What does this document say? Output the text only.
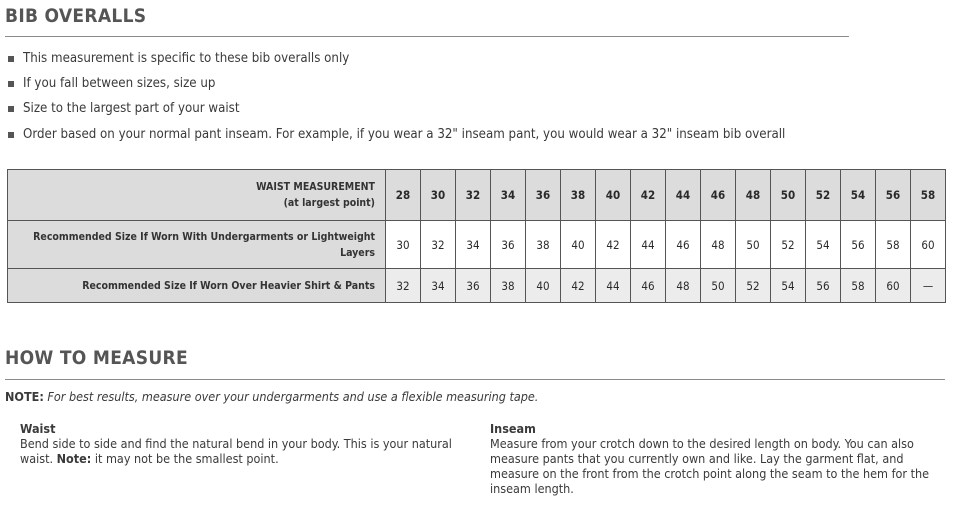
BIB OVERALLS
This measurement is specific to these bib overalls only
If you fall between sizes, size up
Size to the largest part of your waist
Order based on your normal pant inseam. For example, if you wear a 32" inseam pant, you would wear a 32" inseam bib overall
WAIST MEASUREMENT
(at largest point)	28	30	32	34	36	38	40	42	44	46	48	50	52	54	56	58
Recommended Size If Worn With Undergarments or Lightweight
Layers	30	32	34	36	38	40	42	44	46	48	50	52	54	56	58	60
Recommended Size If Worn Over Heavier Shirt & Pants	32	34	36	38	40	42	44	46	48	50	52	54	56	58	60	—
HOW TO MEASURE
NOTE: For best results, measure over your undergarments and use a flexible measuring tape.
Waist
Bend side to side and find the natural bend in your body. This is your natural waist. Note: it may not be the smallest point.
Inseam
Measure from your crotch down to the desired length on body. You can also measure pants that you currently own and like. Lay the garment flat, and measure on the front from the crotch point along the seam to the hem for the inseam length.
